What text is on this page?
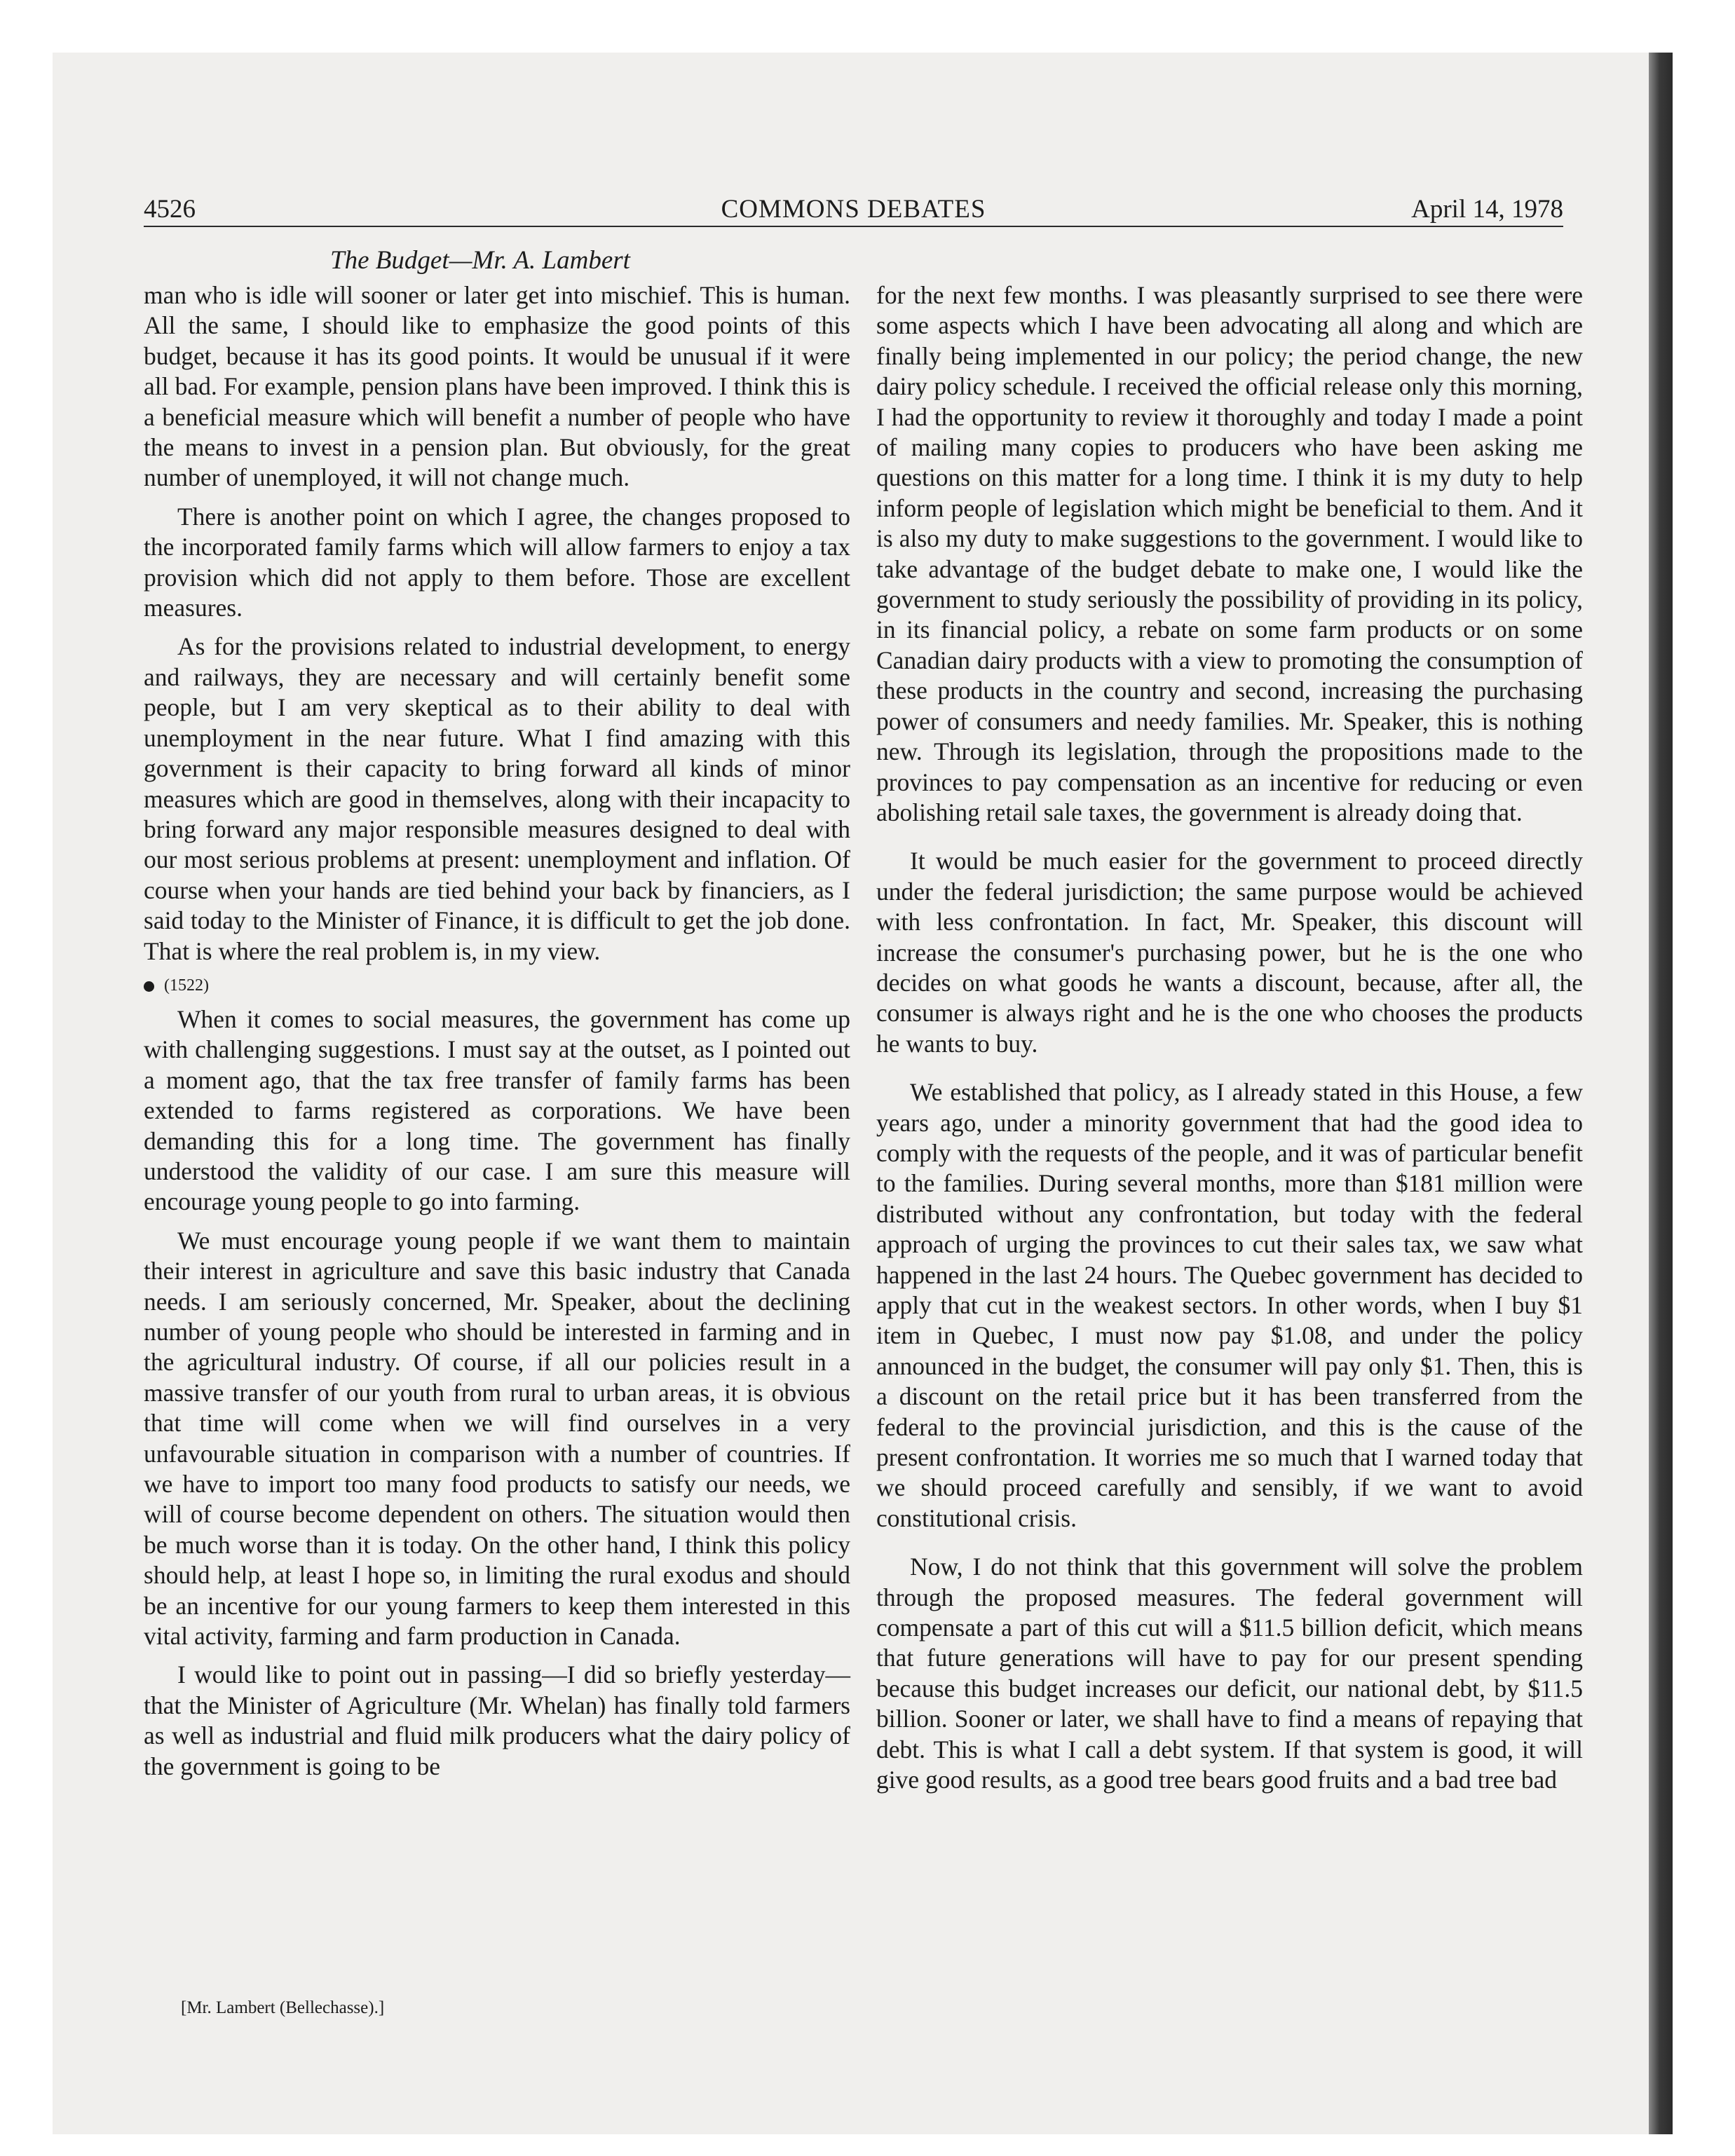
4526	COMMONS DEBATES	April 14, 1978
The Budget—Mr. A. Lambert

man who is idle will sooner or later get into mischief. This is human. All the same, I should like to emphasize the good points of this budget, because it has its good points. It would be unusual if it were all bad. For example, pension plans have been improved. I think this is a beneficial measure which will benefit a number of people who have the means to invest in a pension plan. But obviously, for the great number of unemployed, it will not change much.

There is another point on which I agree, the changes proposed to the incorporated family farms which will allow farmers to enjoy a tax provision which did not apply to them before. Those are excellent measures.

As for the provisions related to industrial development, to energy and railways, they are necessary and will certainly benefit some people, but I am very skeptical as to their ability to deal with unemployment in the near future. What I find amazing with this government is their capacity to bring forward all kinds of minor measures which are good in themselves, along with their incapacity to bring forward any major responsible measures designed to deal with our most serious problems at present: unemployment and inflation. Of course when your hands are tied behind your back by financiers, as I said today to the Minister of Finance, it is difficult to get the job done. That is where the real problem is, in my view.

(1522)

When it comes to social measures, the government has come up with challenging suggestions. I must say at the outset, as I pointed out a moment ago, that the tax free transfer of family farms has been extended to farms registered as corporations. We have been demanding this for a long time. The government has finally understood the validity of our case. I am sure this measure will encourage young people to go into farming.

We must encourage young people if we want them to maintain their interest in agriculture and save this basic industry that Canada needs. I am seriously concerned, Mr. Speaker, about the declining number of young people who should be interested in farming and in the agricultural industry. Of course, if all our policies result in a massive transfer of our youth from rural to urban areas, it is obvious that time will come when we will find ourselves in a very unfavourable situation in comparison with a number of countries. If we have to import too many food products to satisfy our needs, we will of course become dependent on others. The situation would then be much worse than it is today. On the other hand, I think this policy should help, at least I hope so, in limiting the rural exodus and should be an incentive for our young farmers to keep them interested in this vital activity, farming and farm production in Canada.

I would like to point out in passing—I did so briefly yesterday—that the Minister of Agriculture (Mr. Whelan) has finally told farmers as well as industrial and fluid milk producers what the dairy policy of the government is going to be

for the next few months. I was pleasantly surprised to see there were some aspects which I have been advocating all along and which are finally being implemented in our policy; the period change, the new dairy policy schedule. I received the official release only this morning, I had the opportunity to review it thoroughly and today I made a point of mailing many copies to producers who have been asking me questions on this matter for a long time. I think it is my duty to help inform people of legislation which might be beneficial to them. And it is also my duty to make suggestions to the government. I would like to take advantage of the budget debate to make one, I would like the government to study seriously the possibility of providing in its policy, in its financial policy, a rebate on some farm products or on some Canadian dairy products with a view to promoting the consumption of these products in the country and second, increasing the purchasing power of consumers and needy families. Mr. Speaker, this is nothing new. Through its legislation, through the propositions made to the provinces to pay compensation as an incentive for reducing or even abolishing retail sale taxes, the government is already doing that.

It would be much easier for the government to proceed directly under the federal jurisdiction; the same purpose would be achieved with less confrontation. In fact, Mr. Speaker, this discount will increase the consumer's purchasing power, but he is the one who decides on what goods he wants a discount, because, after all, the consumer is always right and he is the one who chooses the products he wants to buy.

We established that policy, as I already stated in this House, a few years ago, under a minority government that had the good idea to comply with the requests of the people, and it was of particular benefit to the families. During several months, more than $181 million were distributed without any confrontation, but today with the federal approach of urging the provinces to cut their sales tax, we saw what happened in the last 24 hours. The Quebec government has decided to apply that cut in the weakest sectors. In other words, when I buy $1 item in Quebec, I must now pay $1.08, and under the policy announced in the budget, the consumer will pay only $1. Then, this is a discount on the retail price but it has been transferred from the federal to the provincial jurisdiction, and this is the cause of the present confrontation. It worries me so much that I warned today that we should proceed carefully and sensibly, if we want to avoid constitutional crisis.

Now, I do not think that this government will solve the problem through the proposed measures. The federal government will compensate a part of this cut will a $11.5 billion deficit, which means that future generations will have to pay for our present spending because this budget increases our deficit, our national debt, by $11.5 billion. Sooner or later, we shall have to find a means of repaying that debt. This is what I call a debt system. If that system is good, it will give good results, as a good tree bears good fruits and a bad tree bad

[Mr. Lambert (Bellechasse).]
